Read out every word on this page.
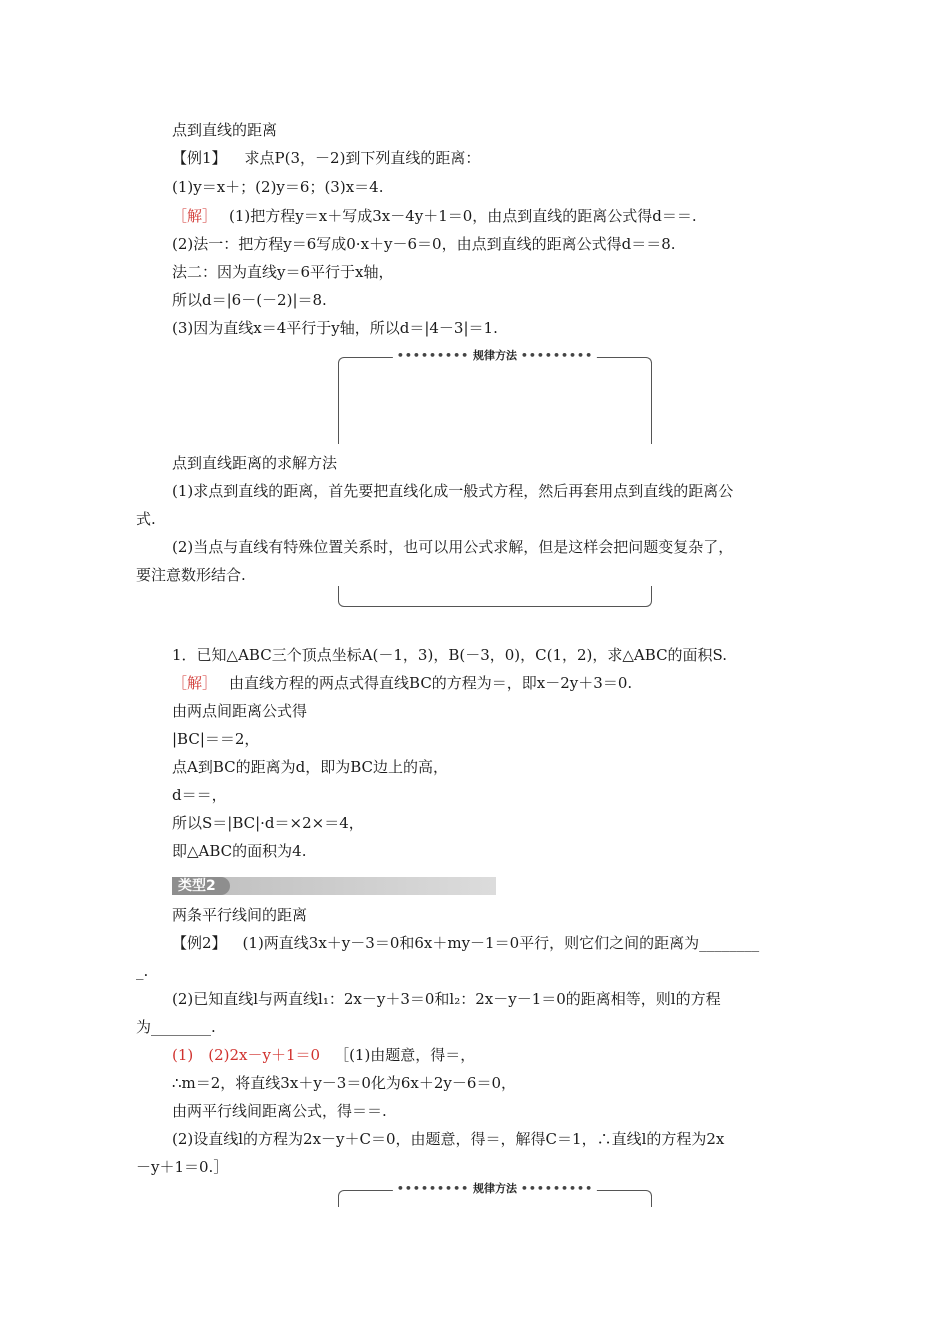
点到直线的距离
【例1】 求点P(3，－2)到下列直线的距离：
(1)y＝x＋；(2)y＝6；(3)x＝4.
［解］ (1)把方程y＝x＋写成3x－4y＋1＝0，由点到直线的距离公式得d＝＝.
(2)法一：把方程y＝6写成0·x＋y－6＝0，由点到直线的距离公式得d＝＝8.
法二：因为直线y＝6平行于x轴，
所以d＝|6－(－2)|＝8.
(3)因为直线x＝4平行于y轴，所以d＝|4－3|＝1.
••••••••• 规律方法 •••••••••
点到直线距离的求解方法
(1)求点到直线的距离，首先要把直线化成一般式方程，然后再套用点到直线的距离公
式.
(2)当点与直线有特殊位置关系时，也可以用公式求解，但是这样会把问题变复杂了，
要注意数形结合.
1．已知△ABC三个顶点坐标A(－1，3)，B(－3，0)，C(1，2)，求△ABC的面积S.
［解］ 由直线方程的两点式得直线BC的方程为＝，即x－2y＋3＝0.
由两点间距离公式得
|BC|＝＝2，
点A到BC的距离为d，即为BC边上的高，
d＝＝，
所以S＝|BC|·d＝×2×＝4，
即△ABC的面积为4.
类型2
两条平行线间的距离
【例2】 (1)两直线3x＋y－3＝0和6x＋my－1＝0平行，则它们之间的距离为________
_.
(2)已知直线l与两直线l₁：2x－y＋3＝0和l₂：2x－y－1＝0的距离相等，则l的方程
为________.
(1)　(2)2x－y＋1＝0 ［(1)由题意，得＝，
∴m＝2，将直线3x＋y－3＝0化为6x＋2y－6＝0，
由两平行线间距离公式，得＝＝.
(2)设直线l的方程为2x－y＋C＝0，由题意，得＝，解得C＝1，∴直线l的方程为2x
－y＋1＝0.］
••••••••• 规律方法 •••••••••
